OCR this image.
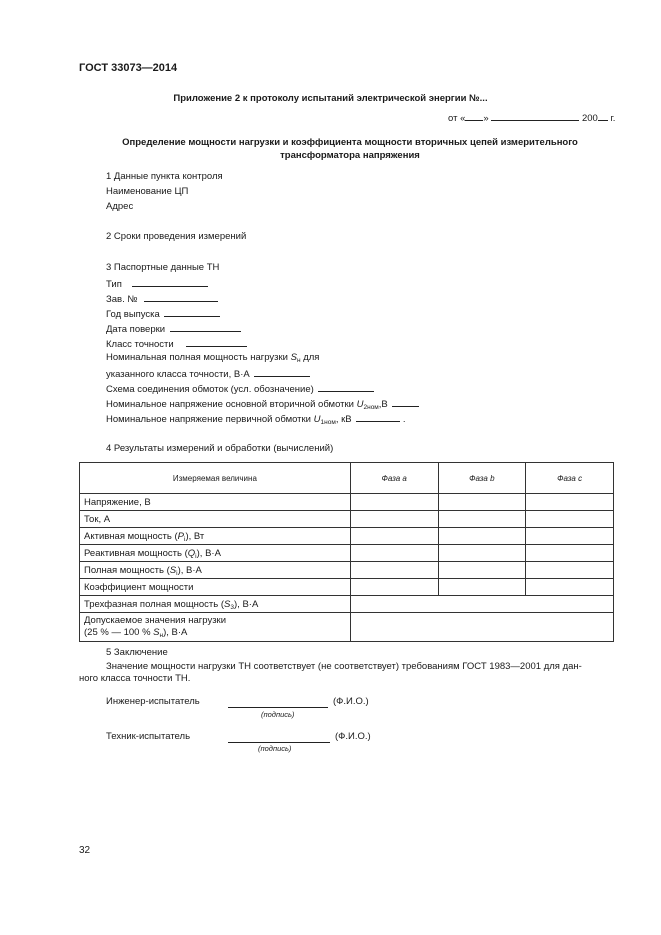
ГОСТ 33073—2014
Приложение 2 к протоколу испытаний электрической энергии №...
от « »	200 г.
Определение мощности нагрузки и коэффициента мощности вторичных цепей измерительного
трансформатора напряжения
1 Данные пункта контроля
Наименование ЦП
Адрес
2 Сроки проведения измерений
3 Паспортные данные ТН
Тип
Зав. №
Год выпуска
Дата поверки
Класс точности
Номинальная полная мощность нагрузки $S_н$ для
указанного класса точности, В·А
Схема соединения обмоток (усл. обозначение)
Номинальное напряжение основной вторичной обмотки $U_{2ном},В$
Номинальное напряжение первичной обмотки $U_{1ном}$, кВ	.
4 Результаты измерений и обработки (вычислений)
Измеряемая величина	Фаза a	Фаза b	Фаза c
Напряжение, В			
Ток, А			
Активная мощность $(P_i)$, Вт			
Реактивная мощность $(Q_i)$, В·А			
Полная мощность $(S_i)$, В·А			
Коэффициент мощности			
Трехфазная полная мощность $(S_3)$, В·А			

Допускаемое значения нагрузки
(25 % — 100 % $S_н$), В·А			

5 Заключение
Значение мощности нагрузки ТН соответствует (не соответствует) требованиям ГОСТ 1983—2001 для дан-
ного класса точности ТН.
Инженер-испытатель	(Ф.И.О.)
(подпись)
Техник-испытатель	(Ф.И.О.)
(подпись)
32
